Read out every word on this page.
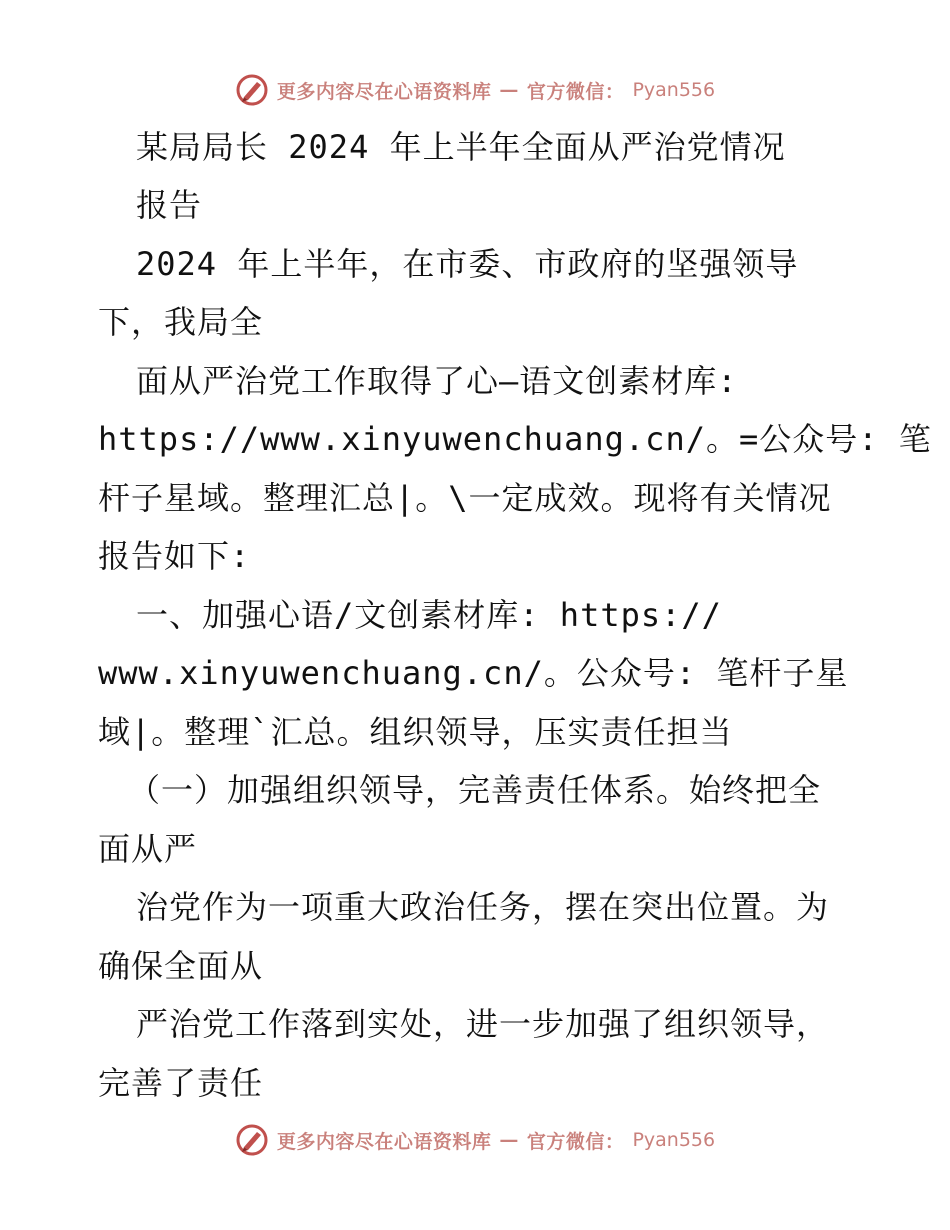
更多内容尽在心语资料库 — 官方微信： Pyan556
某局局长 2024 年上半年全面从严治党情况
报告
2024 年上半年，在市委、市政府的坚强领导
下，我局全
面从严治党工作取得了心—语文创素材库:
https://www.xinyuwenchuang.cn/。=公众号: 笔
杆子星域。整理汇总|。\一定成效。现将有关情况
报告如下:
一、加强心语/文创素材库: https://
www.xinyuwenchuang.cn/。公众号: 笔杆子星
域|。整理`汇总。组织领导，压实责任担当
（一）加强组织领导，完善责任体系。始终把全
面从严
治党作为一项重大政治任务，摆在突出位置。为
确保全面从
严治党工作落到实处，进一步加强了组织领导，
完善了责任
更多内容尽在心语资料库 — 官方微信： Pyan556
